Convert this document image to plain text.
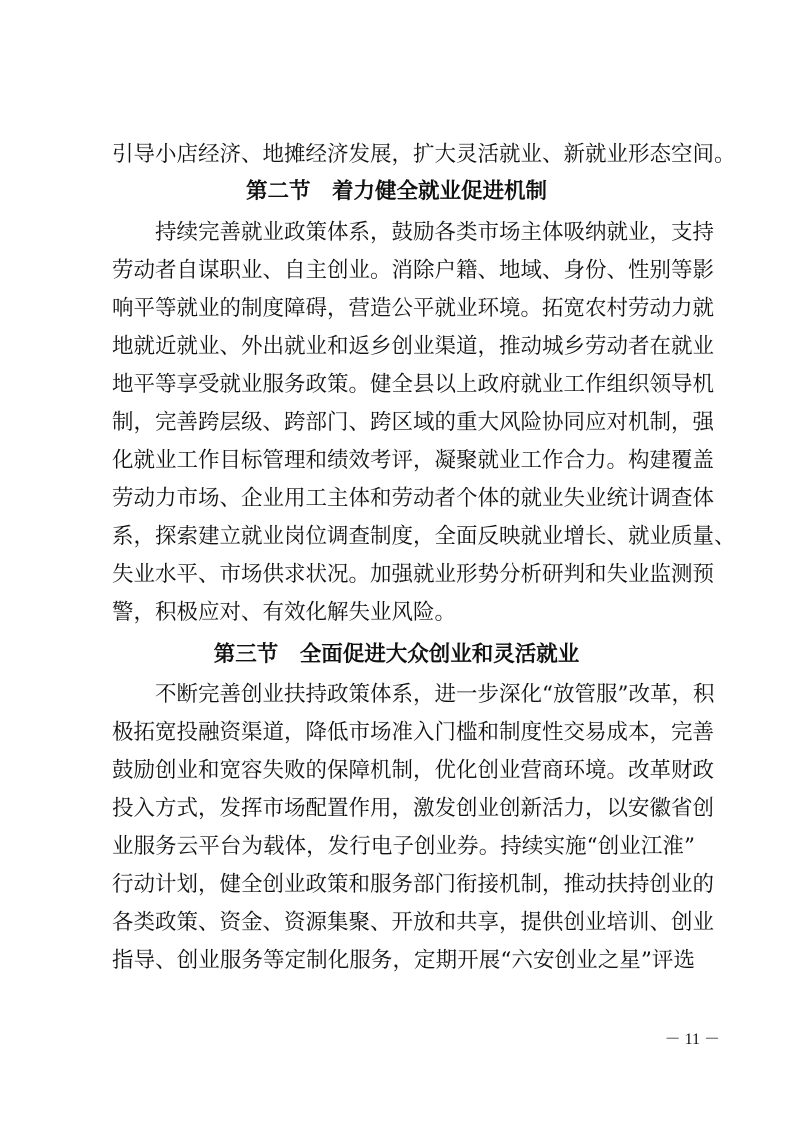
引导小店经济、地摊经济发展，扩大灵活就业、新就业形态空间。
第二节　着力健全就业促进机制
　　持续完善就业政策体系，鼓励各类市场主体吸纳就业，支持
劳动者自谋职业、自主创业。消除户籍、地域、身份、性别等影
响平等就业的制度障碍，营造公平就业环境。拓宽农村劳动力就
地就近就业、外出就业和返乡创业渠道，推动城乡劳动者在就业
地平等享受就业服务政策。健全县以上政府就业工作组织领导机
制，完善跨层级、跨部门、跨区域的重大风险协同应对机制，强
化就业工作目标管理和绩效考评，凝聚就业工作合力。构建覆盖
劳动力市场、企业用工主体和劳动者个体的就业失业统计调查体
系，探索建立就业岗位调查制度，全面反映就业增长、就业质量、
失业水平、市场供求状况。加强就业形势分析研判和失业监测预
警，积极应对、有效化解失业风险。
第三节　全面促进大众创业和灵活就业
　　不断完善创业扶持政策体系，进一步深化“放管服”改革，积
极拓宽投融资渠道，降低市场准入门槛和制度性交易成本，完善
鼓励创业和宽容失败的保障机制，优化创业营商环境。改革财政
投入方式，发挥市场配置作用，激发创业创新活力，以安徽省创
业服务云平台为载体，发行电子创业券。持续实施“创业江淮”
行动计划，健全创业政策和服务部门衔接机制，推动扶持创业的
各类政策、资金、资源集聚、开放和共享，提供创业培训、创业
指导、创业服务等定制化服务，定期开展“六安创业之星”评选
－ 11 －
